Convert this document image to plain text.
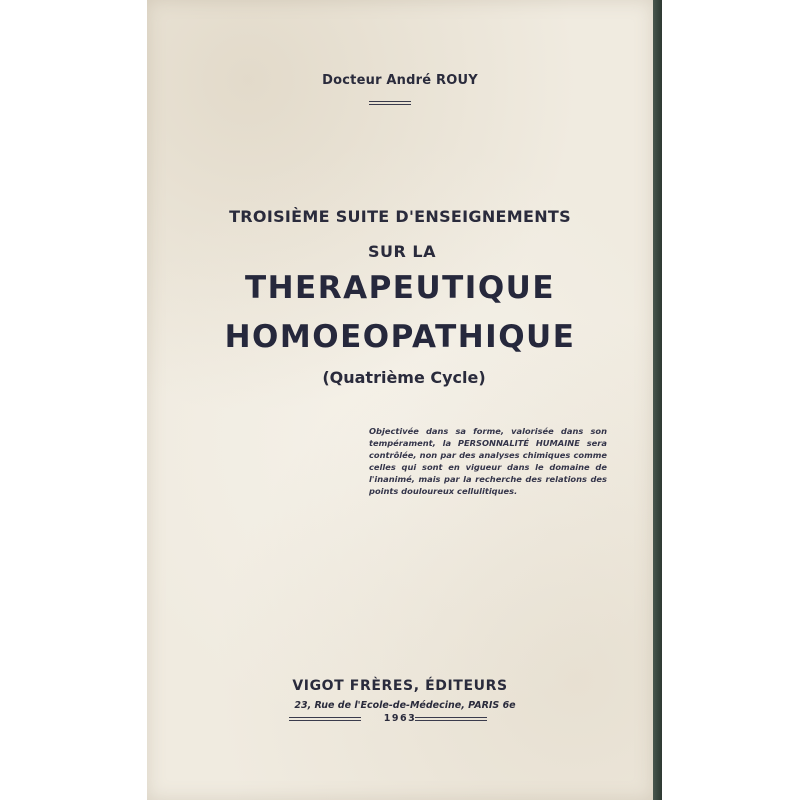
Docteur André ROUY
TROISIÈME SUITE D'ENSEIGNEMENTS
SUR LA
THERAPEUTIQUE
HOMOEOPATHIQUE
(Quatrième Cycle)
Objectivée dans sa forme, valorisée dans son tempérament, la PERSONNALITÉ HUMAINE sera contrôlée, non par des analyses chimiques comme celles qui sont en vigueur dans le domaine de l'inanimé, mais par la recherche des relations des points douloureux cellulitiques.
VIGOT FRÈRES, ÉDITEURS
23, Rue de l'Ecole-de-Médecine, PARIS 6e
1963
